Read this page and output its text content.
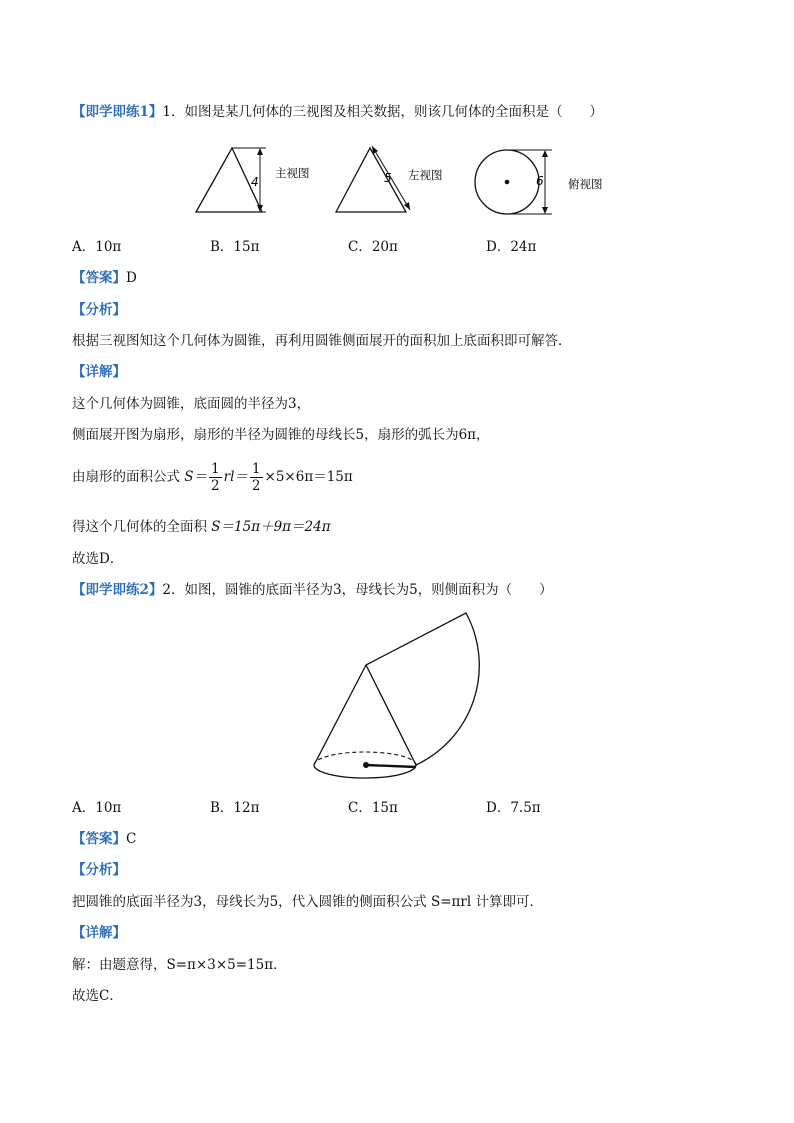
【即学即练1】1．如图是某几何体的三视图及相关数据，则该几何体的全面积是（　　）
4
主视图	5 左视图	6 俯视图
A．10π	B．15π	C．20π	D．24π
【答案】D
【分析】
根据三视图知这个几何体为圆锥，再利用圆锥侧面展开的面积加上底面积即可解答．
【详解】
这个几何体为圆锥，底面圆的半径为3，
侧面展开图为扇形，扇形的半径为圆锥的母线长5，扇形的弧长为6π，
由扇形的面积公式 $S= \frac{1}{2} rl= \frac{1}{2} \times 5\times 6\pi=15\pi$
得这个几何体的全面积 S＝15π＋9π＝24π
故选D．
【即学即练2】2．如图，圆锥的底面半径为3，母线长为5，则侧面积为（　　）
A．10π	B．12π	C．15π	D．7.5π
【答案】C
【分析】
把圆锥的底面半径为3，母线长为5，代入圆锥的侧面积公式 S=πrl 计算即可．
【详解】
解：由题意得，S=π×3×5=15π．
故选C．
